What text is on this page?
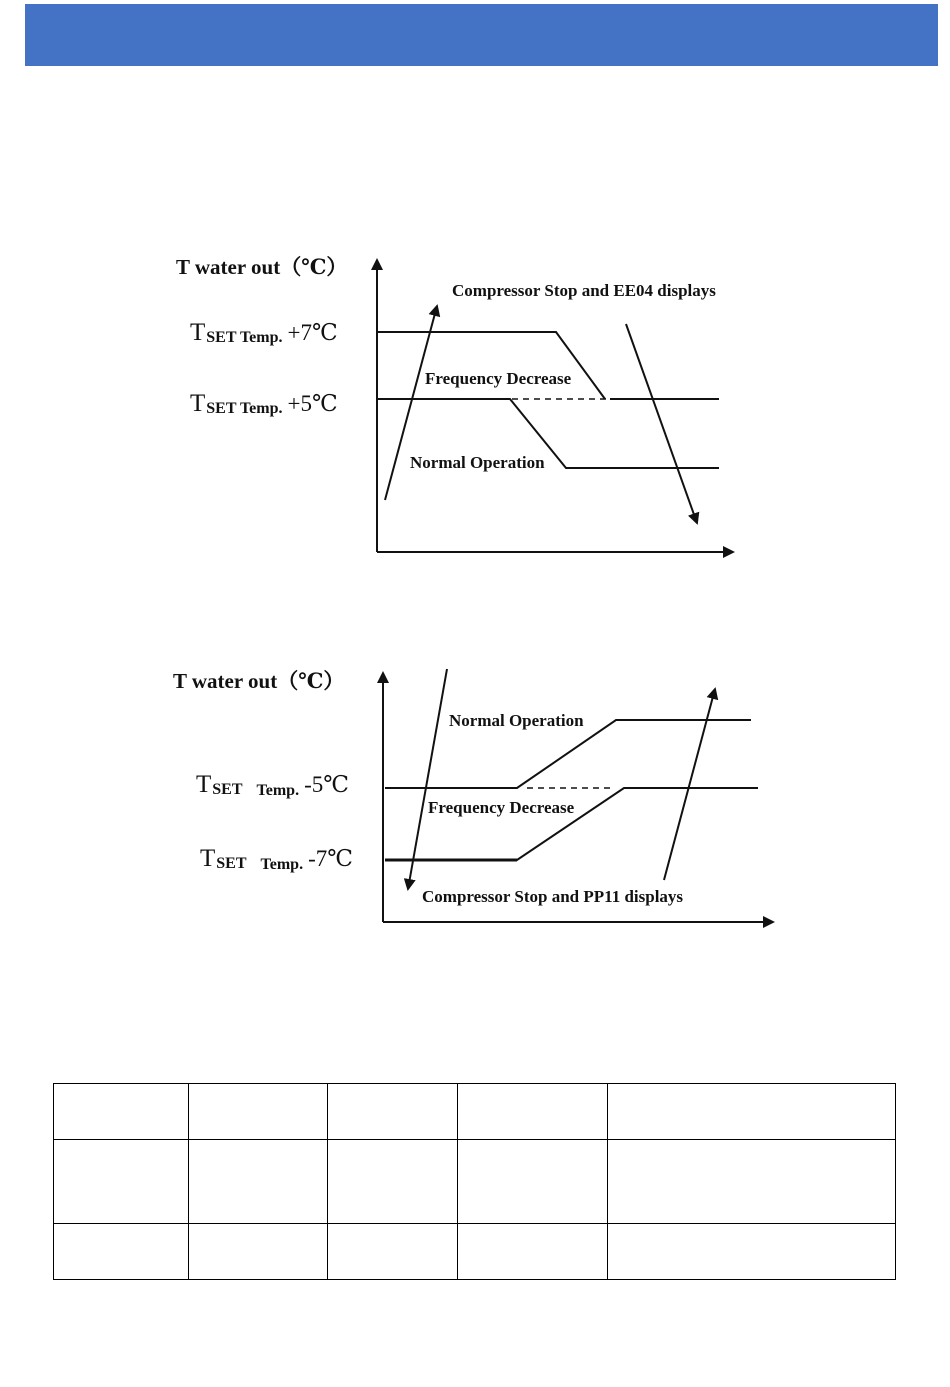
T water out（℃）
TSET Temp. +7℃
TSET Temp. +5℃
Compressor Stop and EE04 displays
Frequency Decrease
Normal Operation
T water out（℃）
TSET Temp. -5℃
TSET Temp. -7℃
Normal Operation
Frequency Decrease
Compressor Stop and PP11 displays
